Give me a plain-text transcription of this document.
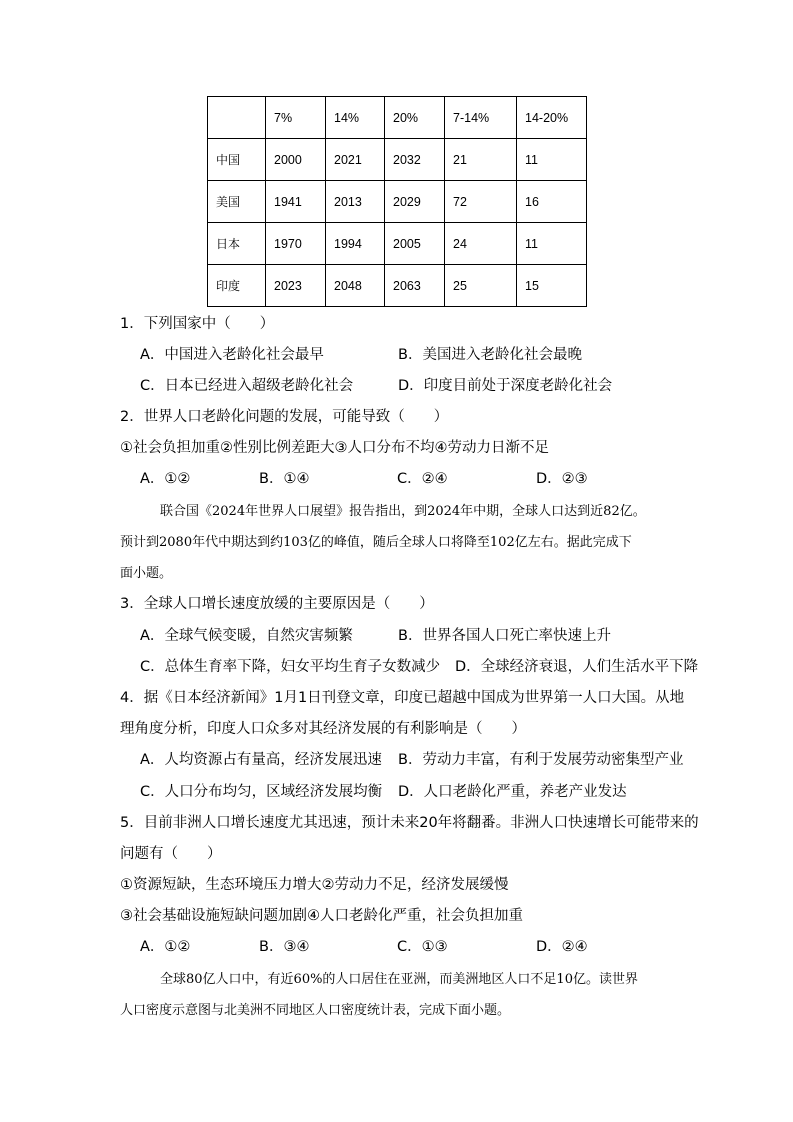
	7%	14%	20%	7-14%	14-20%
中国	2000	2021	2032	21	11
美国	1941	2013	2029	72	16
日本	1970	1994	2005	24	11
印度	2023	2048	2063	25	15
1．下列国家中（　　）
A．中国进入老龄化社会最早	B．美国进入老龄化社会最晚
C．日本已经进入超级老龄化社会	D．印度目前处于深度老龄化社会
2．世界人口老龄化问题的发展，可能导致（　　）
①社会负担加重②性别比例差距大③人口分布不均④劳动力日渐不足
A．①②	B．①④	C．②④	D．②③
联合国《2024年世界人口展望》报告指出，到2024年中期，全球人口达到近82亿。
预计到2080年代中期达到约103亿的峰值，随后全球人口将降至102亿左右。据此完成下
面小题。
3．全球人口增长速度放缓的主要原因是（　　）
A．全球气候变暖，自然灾害频繁	B．世界各国人口死亡率快速上升
C．总体生育率下降，妇女平均生育子女数减少 D．全球经济衰退，人们生活水平下降
4．据《日本经济新闻》1月1日刊登文章，印度已超越中国成为世界第一人口大国。从地
理角度分析，印度人口众多对其经济发展的有利影响是（　　）
A．人均资源占有量高，经济发展迅速 B．劳动力丰富，有利于发展劳动密集型产业
C．人口分布均匀，区域经济发展均衡 D．人口老龄化严重，养老产业发达
5．目前非洲人口增长速度尤其迅速，预计未来20年将翻番。非洲人口快速增长可能带来的
问题有（　　）
①资源短缺，生态环境压力增大②劳动力不足，经济发展缓慢
③社会基础设施短缺问题加剧④人口老龄化严重，社会负担加重
A．①②	B．③④	C．①③	D．②④
全球80亿人口中，有近60%的人口居住在亚洲，而美洲地区人口不足10亿。读世界
人口密度示意图与北美洲不同地区人口密度统计表，完成下面小题。
